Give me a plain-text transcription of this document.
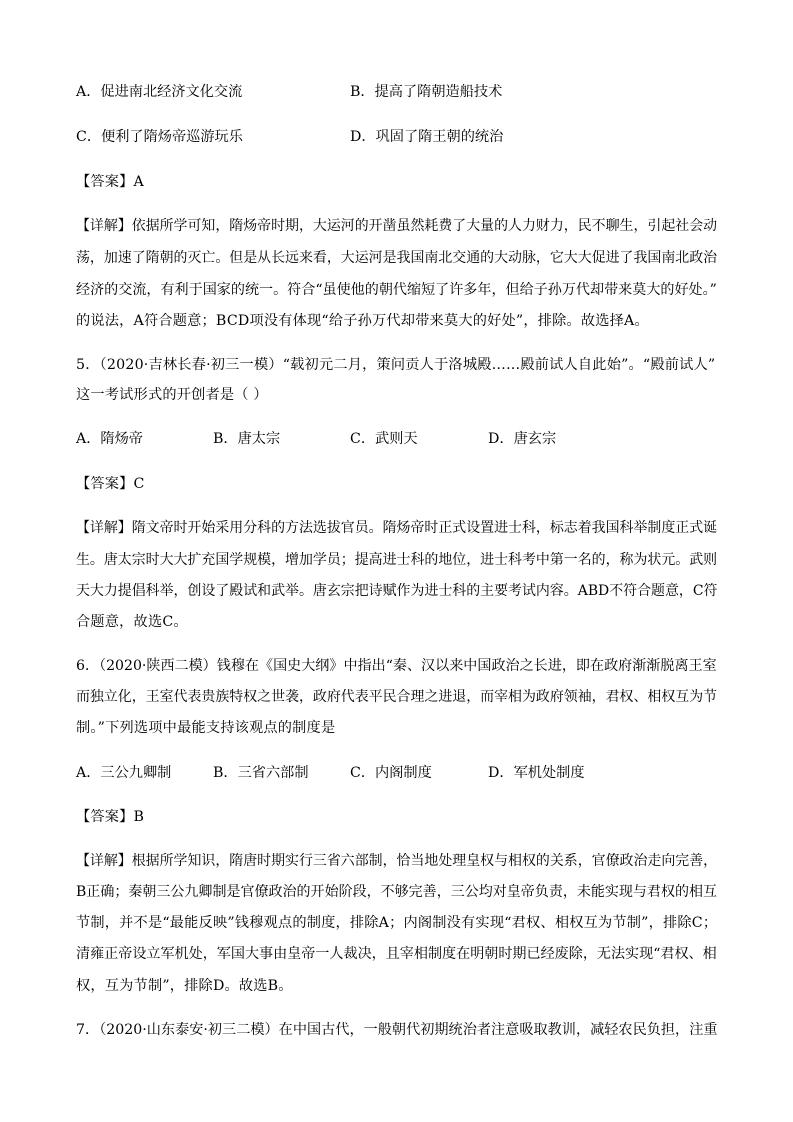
A．促进南北经济文化交流	B．提高了隋朝造船技术
C．便利了隋炀帝巡游玩乐	D．巩固了隋王朝的统治
【答案】A
【详解】依据所学可知，隋炀帝时期，大运河的开凿虽然耗费了大量的人力财力，民不聊生，引起社会动
荡，加速了隋朝的灭亡。但是从长远来看，大运河是我国南北交通的大动脉，它大大促进了我国南北政治
经济的交流，有利于国家的统一。符合“虽使他的朝代缩短了许多年，但给子孙万代却带来莫大的好处。”
的说法，A符合题意；BCD项没有体现“给子孙万代却带来莫大的好处”，排除。故选择A。
5．（2020·吉林长春·初三一模）“载初元二月，策问贡人于洛城殿……殿前试人自此始”。“殿前试人”
这一考试形式的开创者是（ ）
A．隋炀帝	B．唐太宗	C．武则天	D．唐玄宗
【答案】C
【详解】隋文帝时开始采用分科的方法选拔官员。隋炀帝时正式设置进士科，标志着我国科举制度正式诞
生。唐太宗时大大扩充国学规模，增加学员；提高进士科的地位，进士科考中第一名的，称为状元。武则
天大力提倡科举，创设了殿试和武举。唐玄宗把诗赋作为进士科的主要考试内容。ABD不符合题意，C符
合题意，故选C。
6．（2020·陕西二模）钱穆在《国史大纲》中指出“秦、汉以来中国政治之长进，即在政府渐渐脱离王室
而独立化，王室代表贵族特权之世袭，政府代表平民合理之进退，而宰相为政府领袖，君权、相权互为节
制。”下列选项中最能支持该观点的制度是
A．三公九卿制	B．三省六部制	C．内阁制度	D．军机处制度
【答案】B
【详解】根据所学知识，隋唐时期实行三省六部制，恰当地处理皇权与相权的关系，官僚政治走向完善，
B正确；秦朝三公九卿制是官僚政治的开始阶段，不够完善，三公均对皇帝负责，未能实现与君权的相互
节制，并不是“最能反映”钱穆观点的制度，排除A；内阁制没有实现“君权、相权互为节制”，排除C；
清雍正帝设立军机处，军国大事由皇帝一人裁决，且宰相制度在明朝时期已经废除，无法实现“君权、相
权，互为节制”，排除D。故选B。
7．（2020·山东泰安·初三二模）在中国古代，一般朝代初期统治者注意吸取教训，减轻农民负担，注重
